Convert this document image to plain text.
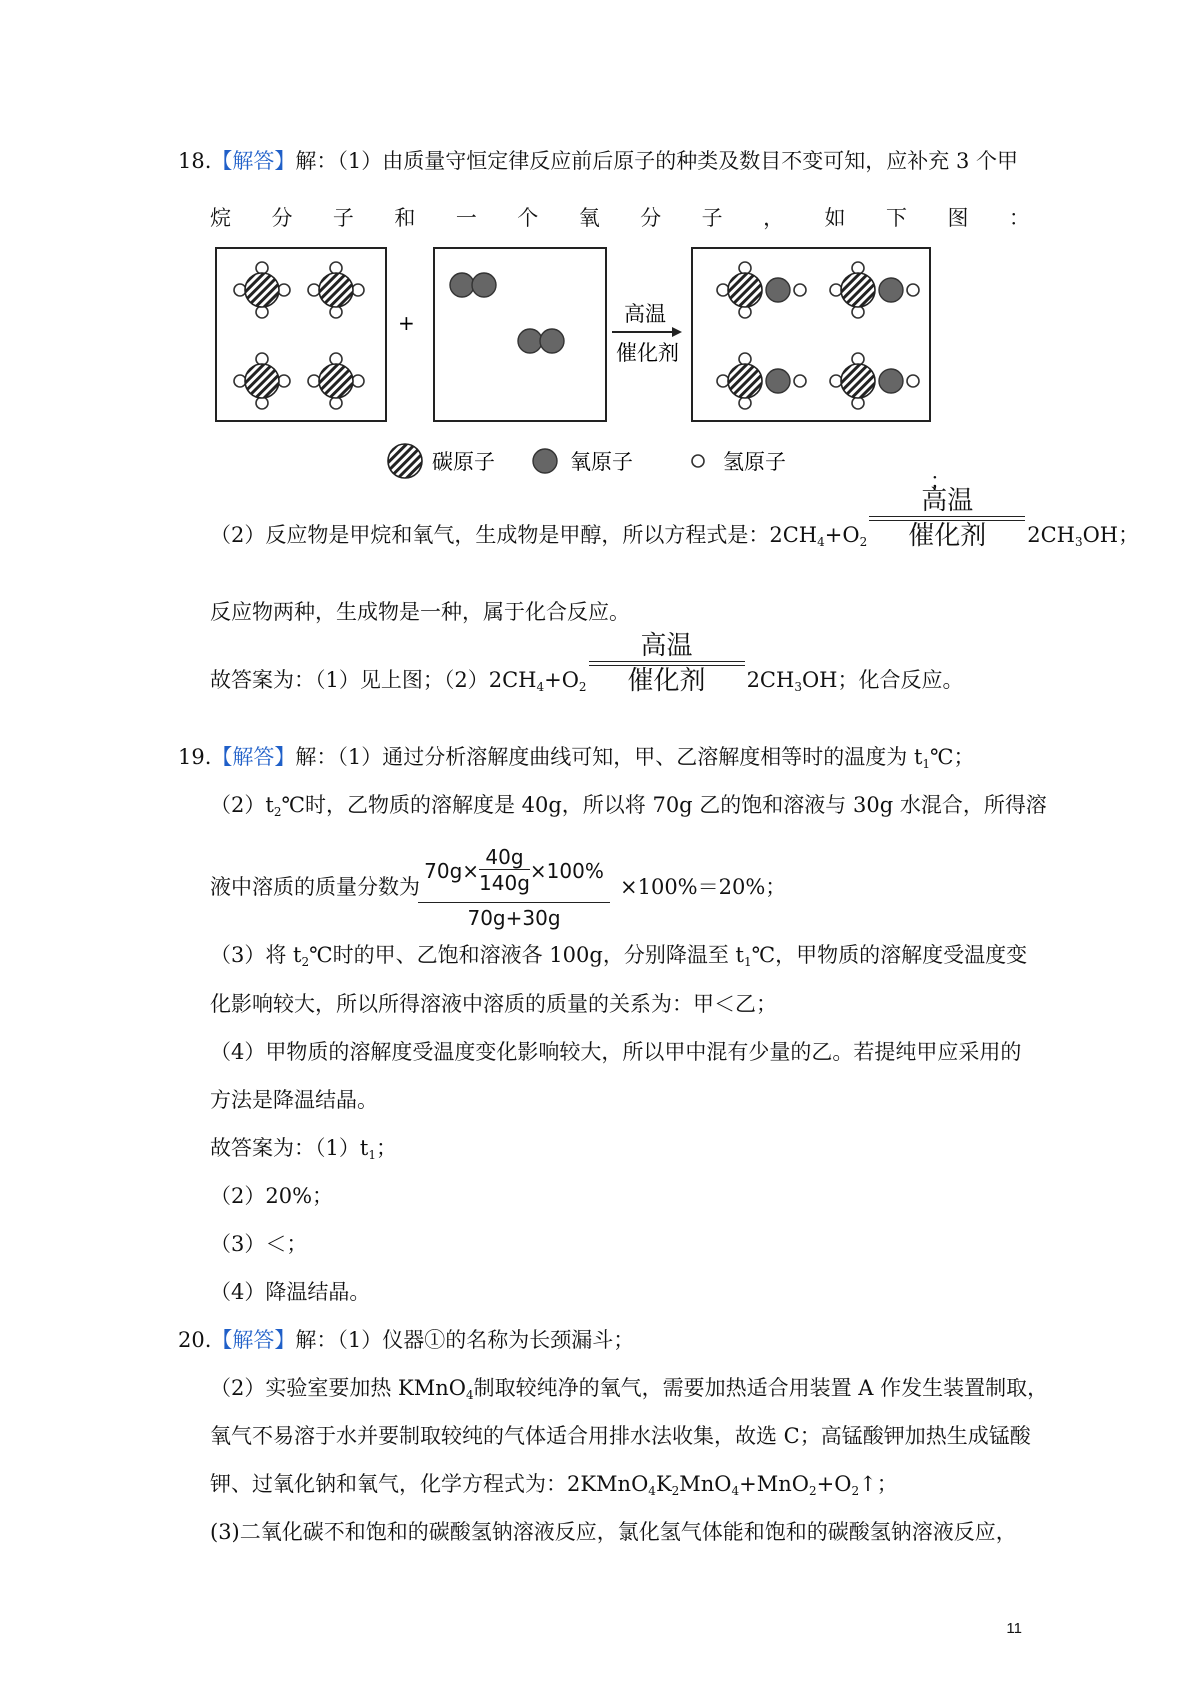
18.【解答】解：（1）由质量守恒定律反应前后原子的种类及数目不变可知，应补充 3 个甲
烷 分 子 和 一 个 氧 分 子 ， 如 下 图 ：
+	高温
催化剂
碳原子	氧原子	氢原子
；
（2）反应物是甲烷和氧气，生成物是甲醇，所以方程式是：$2CH_4+O_2$
高温
催化剂	$2CH_3OH$；
反应物两种，生成物是一种，属于化合反应。
故答案为：（1）见上图；$(2)2CH_4+O_2$
高温
催化剂	$2CH_3OH$；化合反应。
19.【解答】解：（1）通过分析溶解度曲线可知，甲、乙溶解度相等时的温度为 $t_1℃$；
$(2)t_2℃$时，乙物质的溶解度是 40g，所以将 70g 乙的饱和溶液与 30g 水混合，所得溶
液中溶质的质量分数为
$70g\times \frac{40g}{140g} \times 100\%$
70g+30g
×100%＝20%；
（3）将 $t_2℃$时的甲、乙饱和溶液各 100g，分别降温至 $t_1℃$，甲物质的溶解度受温度变
化影响较大，所以所得溶液中溶质的质量的关系为：甲＜乙；
（4）甲物质的溶解度受温度变化影响较大，所以甲中混有少量的乙。若提纯甲应采用的
方法是降温结晶。
故答案为：$(1)t_1$；
（2）20%；
（3）＜；
（4）降温结晶。
20.【解答】解：（1）仪器①的名称为长颈漏斗；
（2）实验室要加热 KMnO$_4$制取较纯净的氧气，需要加热适合用装置 A 作发生装置制取，
氧气不易溶于水并要制取较纯的气体适合用排水法收集，故选 C；高锰酸钾加热生成锰酸
钾、过氧化钠和氧气，化学方程式为：$2KMnO_4K_2MnO_4+MnO_2+O_2↑$；
(3)二氧化碳不和饱和的碳酸氢钠溶液反应，氯化氢气体能和饱和的碳酸氢钠溶液反应，
11
